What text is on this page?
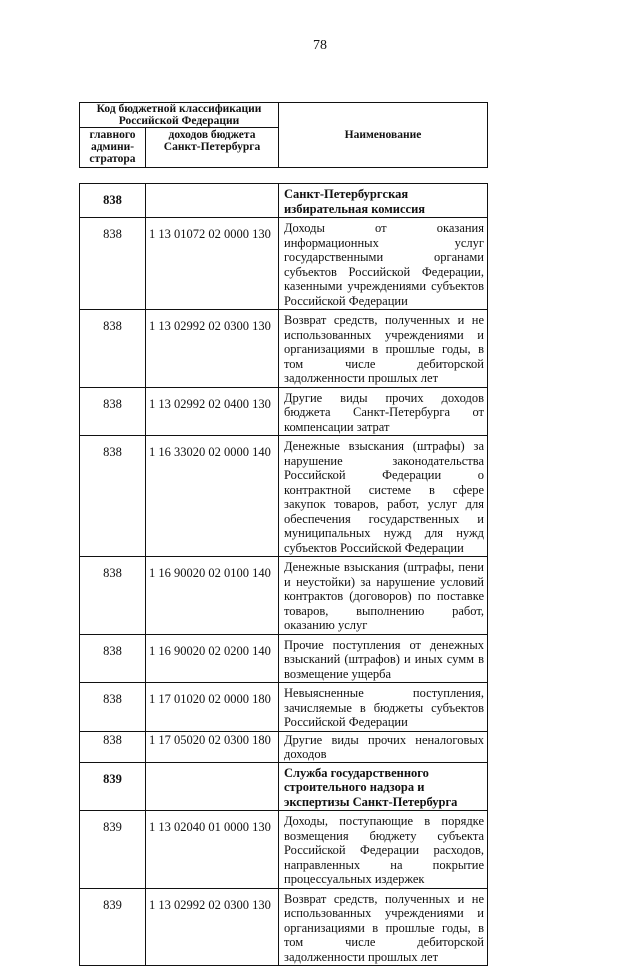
78
Код бюджетной классификации Российской Федерации		Наименование
главного админи-стратора	доходов бюджета Санкт-Петербурга	
838		Санкт-Петербургская избирательная комиссия
838	1 13 01072 02 0000 130	Доходы от оказания информационных услуг государственными органами субъектов Российской Федерации, казенными учреждениями субъектов Российской Федерации
838	1 13 02992 02 0300 130	Возврат средств, полученных и не использованных учреждениями и организациями в прошлые годы, в том числе дебиторской задолженности прошлых лет
838	1 13 02992 02 0400 130	Другие виды прочих доходов бюджета Санкт-Петербурга от компенсации затрат
838	1 16 33020 02 0000 140	Денежные взыскания (штрафы) за нарушение законодательства Российской Федерации о контрактной системе в сфере закупок товаров, работ, услуг для обеспечения государственных и муниципальных нужд для нужд субъектов Российской Федерации
838	1 16 90020 02 0100 140	Денежные взыскания (штрафы, пени и неустойки) за нарушение условий контрактов (договоров) по поставке товаров, выполнению работ, оказанию услуг
838	1 16 90020 02 0200 140	Прочие поступления от денежных взысканий (штрафов) и иных сумм в возмещение ущерба
838	1 17 01020 02 0000 180	Невыясненные поступления, зачисляемые в бюджеты субъектов Российской Федерации
838	1 17 05020 02 0300 180	Другие виды прочих неналоговых доходов
839		Служба государственного строительного надзора и экспертизы Санкт-Петербурга
839	1 13 02040 01 0000 130	Доходы, поступающие в порядке возмещения бюджету субъекта Российской Федерации расходов, направленных на покрытие процессуальных издержек
839	1 13 02992 02 0300 130	Возврат средств, полученных и не использованных учреждениями и организациями в прошлые годы, в том числе дебиторской задолженности прошлых лет
